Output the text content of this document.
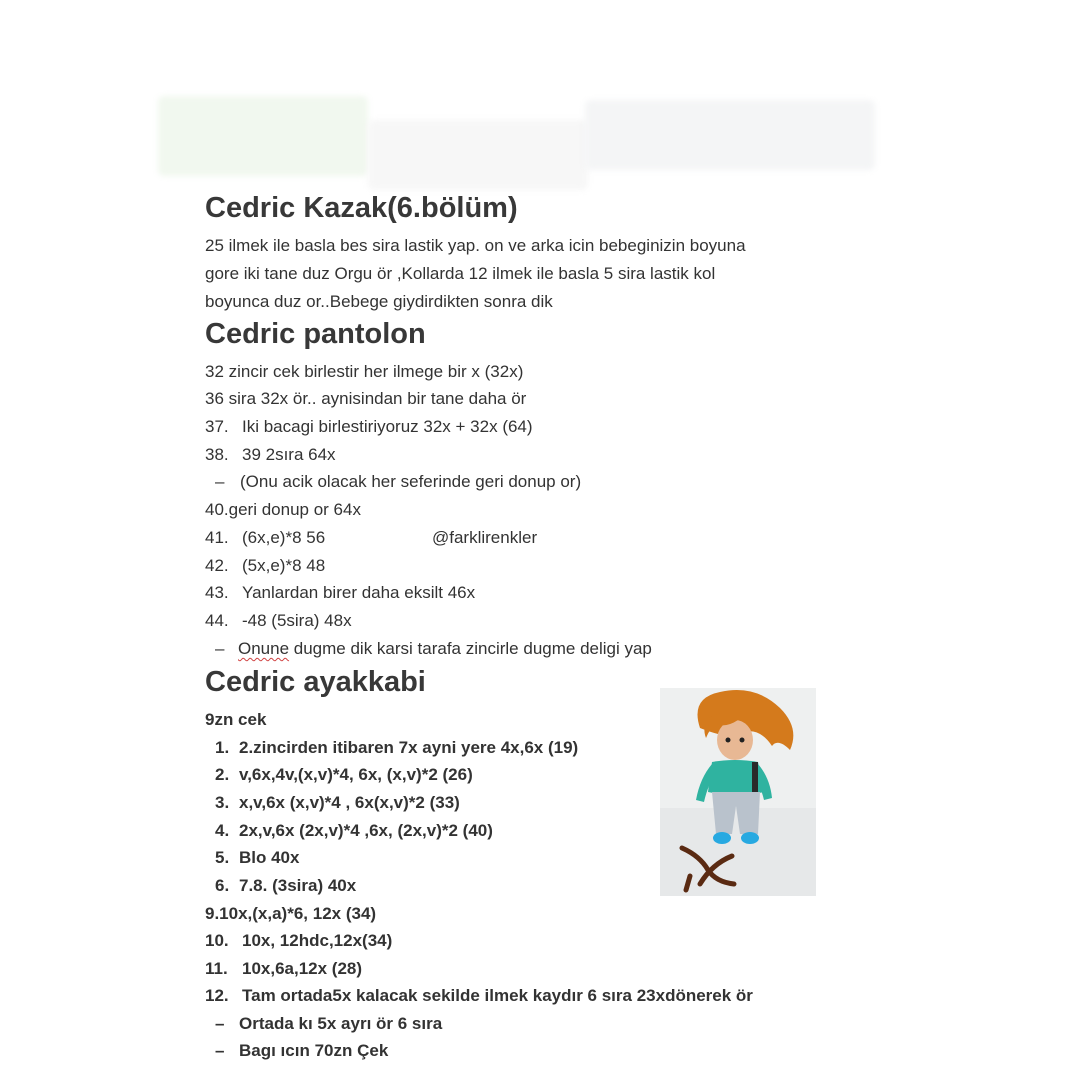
Cedric Kazak(6.bölüm)
25 ilmek ile basla bes sira lastik yap. on ve arka icin bebeginizin boyuna
gore iki tane duz Orgu ör ,Kollarda 12 ilmek ile basla 5 sira lastik kol
boyunca duz or..Bebege giydirdikten sonra dik
Cedric pantolon
32 zincir cek birlestir her ilmege bir x (32x)
36 sira 32x ör.. aynisindan bir tane daha ör
37. Iki bacagi birlestiriyoruz 32x + 32x (64)
38. 39 2sıra 64x
– (Onu acik olacak her seferinde geri donup or)
40.geri donup or 64x
41. (6x,e)*8 56	@farklirenkler
42. (5x,e)*8 48
43. Yanlardan birer daha eksilt 46x
44. -48 (5sira) 48x
– Onune dugme dik karsi tarafa zincirle dugme deligi yap
Cedric ayakkabi
9zn cek
1. 2.zincirden itibaren 7x ayni yere 4x,6x (19)
2. v,6x,4v,(x,v)*4, 6x, (x,v)*2 (26)
3. x,v,6x (x,v)*4 , 6x(x,v)*2 (33)
4. 2x,v,6x (2x,v)*4 ,6x, (2x,v)*2 (40)
5. Blo 40x
6. 7.8. (3sira) 40x
9.10x,(x,a)*6, 12x (34)
10. 10x, 12hdc,12x(34)
11. 10x,6a,12x (28)
12. Tam ortada5x kalacak sekilde ilmek kaydır 6 sıra 23xdönerek ör
– Ortada kı 5x ayrı ör 6 sıra
– Bagı ıcın 70zn Çek
